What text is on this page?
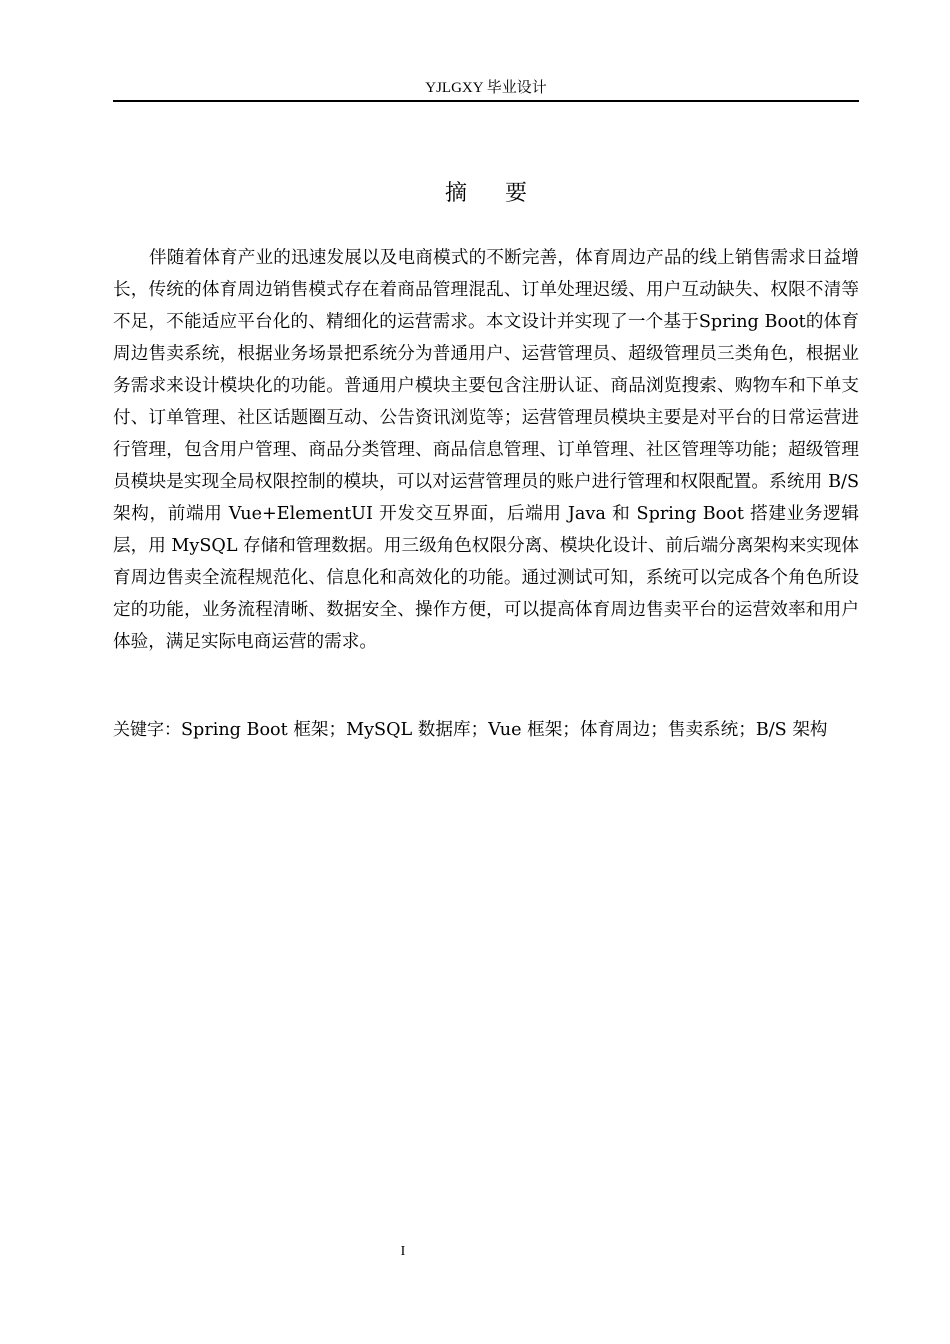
YJLGXY 毕业设计
摘要

伴随着体育产业的迅速发展以及电商模式的不断完善，体育周边产品的线上销售需求日益增长，传统的体育周边销售模式存在着商品管理混乱、订单处理迟缓、用户互动缺失、权限不清等不足，不能适应平台化的、精细化的运营需求。本文设计并实现了一个基于Spring Boot的体育周边售卖系统，根据业务场景把系统分为普通用户、运营管理员、超级管理员三类角色，根据业务需求来设计模块化的功能。普通用户模块主要包含注册认证、商品浏览搜索、购物车和下单支付、订单管理、社区话题圈互动、公告资讯浏览等；运营管理员模块主要是对平台的日常运营进行管理，包含用户管理、商品分类管理、商品信息管理、订单管理、社区管理等功能；超级管理员模块是实现全局权限控制的模块，可以对运营管理员的账户进行管理和权限配置。系统用 B/S 架构，前端用 Vue+ElementUI 开发交互界面，后端用 Java 和 Spring Boot 搭建业务逻辑层，用 MySQL 存储和管理数据。用三级角色权限分离、模块化设计、前后端分离架构来实现体育周边售卖全流程规范化、信息化和高效化的功能。通过测试可知，系统可以完成各个角色所设定的功能，业务流程清晰、数据安全、操作方便，可以提高体育周边售卖平台的运营效率和用户体验，满足实际电商运营的需求。

关键字：Spring Boot 框架；MySQL 数据库；Vue 框架；体育周边；售卖系统；B/S 架构

I
